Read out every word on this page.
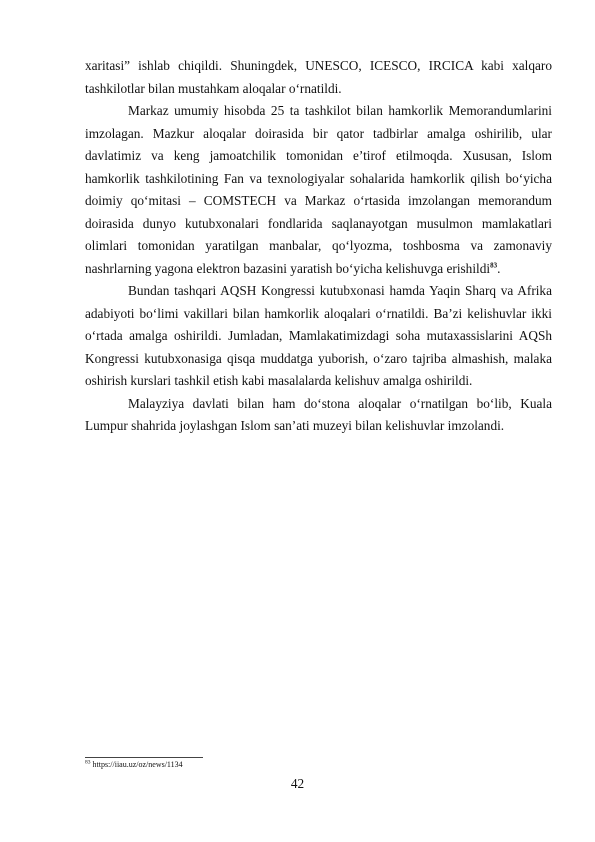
xaritasi” ishlab chiqildi. Shuningdek, UNESCO, ICESCO, IRCICA kabi xalqaro tashkilotlar bilan mustahkam aloqalar o‘rnatildi.

Markaz umumiy hisobda 25 ta tashkilot bilan hamkorlik Memorandumlarini imzolagan. Mazkur aloqalar doirasida bir qator tadbirlar amalga oshirilib, ular davlatimiz va keng jamoatchilik tomonidan e’tirof etilmoqda. Xususan, Islom hamkorlik tashkilotining Fan va texnologiyalar sohalarida hamkorlik qilish bo‘yicha doimiy qo‘mitasi – COMSTECH va Markaz o‘rtasida imzolangan memorandum doirasida dunyo kutubxonalari fondlarida saqlanayotgan musulmon mamlakatlari olimlari tomonidan yaratilgan manbalar, qo‘lyozma, toshbosma va zamonaviy nashrlarning yagona elektron bazasini yaratish bo‘yicha kelishuvga erishildi$^{83}$.

Bundan tashqari AQSH Kongressi kutubxonasi hamda Yaqin Sharq va Afrika adabiyoti bo‘limi vakillari bilan hamkorlik aloqalari o‘rnatildi. Ba’zi kelishuvlar ikki o‘rtada amalga oshirildi. Jumladan, Mamlakatimizdagi soha mutaxassislarini AQSh Kongressi kutubxonasiga qisqa muddatga yuborish, o‘zaro tajriba almashish, malaka oshirish kurslari tashkil etish kabi masalalarda kelishuv amalga oshirildi.

Malayziya davlati bilan ham do‘stona aloqalar o‘rnatilgan bo‘lib, Kuala Lumpur shahrida joylashgan Islom san’ati muzeyi bilan kelishuvlar imzolandi.

$^{83}$ https://iiau.uz/oz/news/1134
42
